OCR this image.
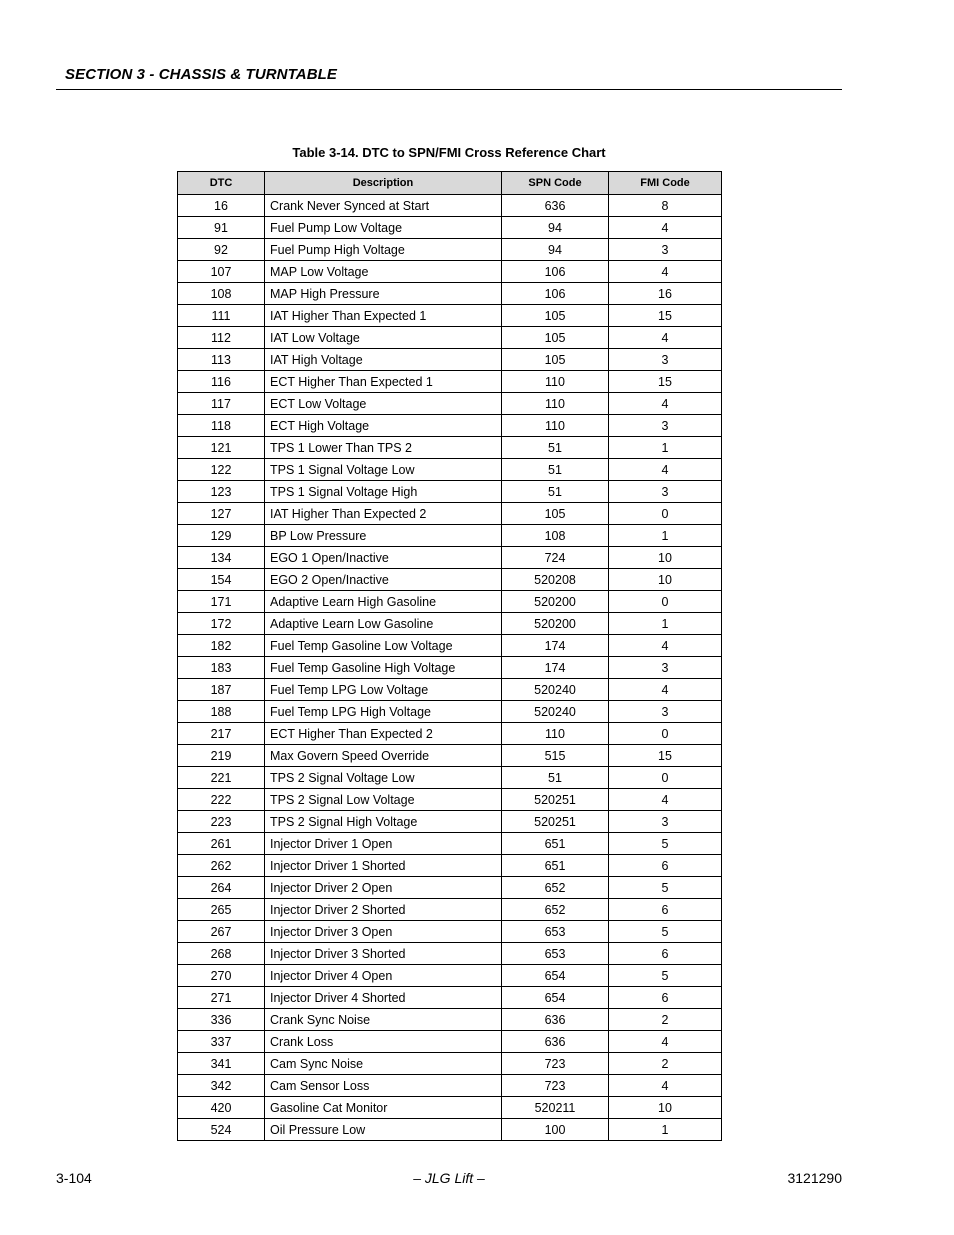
SECTION 3 - CHASSIS & TURNTABLE
Table 3-14. DTC to SPN/FMI Cross Reference Chart
DTC	Description	SPN Code	FMI Code
16	Crank Never Synced at Start	636	8
91	Fuel Pump Low Voltage	94	4
92	Fuel Pump High Voltage	94	3
107	MAP Low Voltage	106	4
108	MAP High Pressure	106	16
111	IAT Higher Than Expected 1	105	15
112	IAT Low Voltage	105	4
113	IAT High Voltage	105	3
116	ECT Higher Than Expected 1	110	15
117	ECT Low Voltage	110	4
118	ECT High Voltage	110	3
121	TPS 1 Lower Than TPS 2	51	1
122	TPS 1 Signal Voltage Low	51	4
123	TPS 1 Signal Voltage High	51	3
127	IAT Higher Than Expected 2	105	0
129	BP Low Pressure	108	1
134	EGO 1 Open/Inactive	724	10
154	EGO 2 Open/Inactive	520208	10
171	Adaptive Learn High Gasoline	520200	0
172	Adaptive Learn Low Gasoline	520200	1
182	Fuel Temp Gasoline Low Voltage	174	4
183	Fuel Temp Gasoline High Voltage	174	3
187	Fuel Temp LPG Low Voltage	520240	4
188	Fuel Temp LPG High Voltage	520240	3
217	ECT Higher Than Expected 2	110	0
219	Max Govern Speed Override	515	15
221	TPS 2 Signal Voltage Low	51	0
222	TPS 2 Signal Low Voltage	520251	4
223	TPS 2 Signal High Voltage	520251	3
261	Injector Driver 1 Open	651	5
262	Injector Driver 1 Shorted	651	6
264	Injector Driver 2 Open	652	5
265	Injector Driver 2 Shorted	652	6
267	Injector Driver 3 Open	653	5
268	Injector Driver 3 Shorted	653	6
270	Injector Driver 4 Open	654	5
271	Injector Driver 4 Shorted	654	6
336	Crank Sync Noise	636	2
337	Crank Loss	636	4
341	Cam Sync Noise	723	2
342	Cam Sensor Loss	723	4
420	Gasoline Cat Monitor	520211	10
524	Oil Pressure Low	100	1
3-104	– JLG Lift –	3121290
